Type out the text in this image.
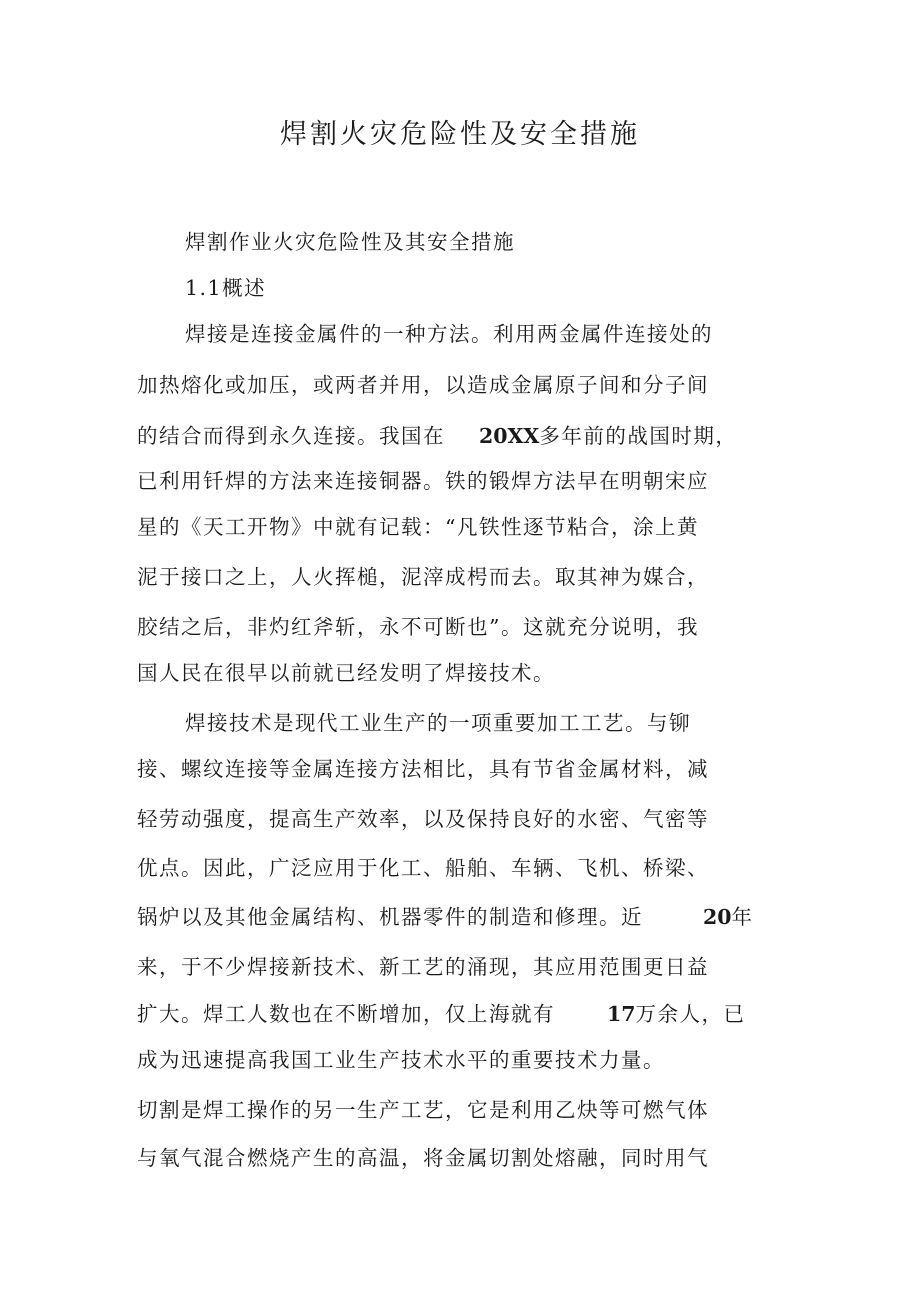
焊割火灾危险性及安全措施

焊割作业火灾危险性及其安全措施

1.1概述

焊接是连接金属件的一种方法。利用两金属件连接处的

加热熔化或加压，或两者并用，以造成金属原子间和分子间

的结合而得到永久连接。我国在 20XX多年前的战国时期，

已利用钎焊的方法来连接铜器。铁的锻焊方法早在明朝宋应

星的《天工开物》中就有记载：“凡铁性逐节粘合，涂上黄

泥于接口之上，人火挥槌，泥滓成枵而去。取其神为媒合，

胶结之后，非灼红斧斩，永不可断也”。这就充分说明，我

国人民在很早以前就已经发明了焊接技术。

焊接技术是现代工业生产的一项重要加工工艺。与铆

接、螺纹连接等金属连接方法相比，具有节省金属材料，减

轻劳动强度，提高生产效率，以及保持良好的水密、气密等

优点。因此，广泛应用于化工、船舶、车辆、飞机、桥梁、

锅炉以及其他金属结构、机器零件的制造和修理。近	20年

来，于不少焊接新技术、新工艺的涌现，其应用范围更日益

扩大。焊工人数也在不断增加，仅上海就有	17万余人，已

成为迅速提高我国工业生产技术水平的重要技术力量。

切割是焊工操作的另一生产工艺，它是利用乙炔等可燃气体

与氧气混合燃烧产生的高温，将金属切割处熔融，同时用气
